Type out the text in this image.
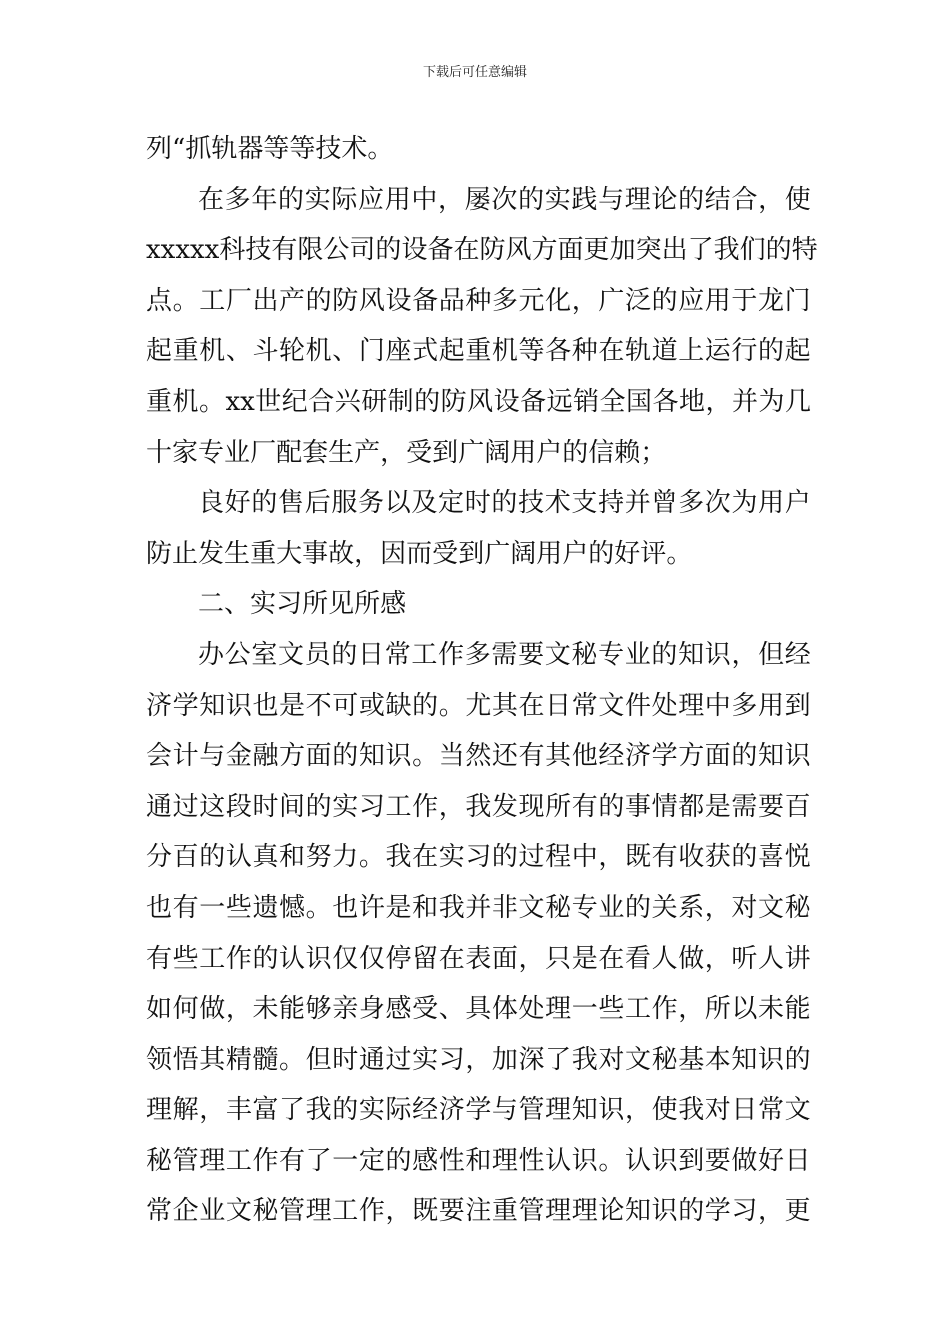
下载后可任意编辑
列 “ 抓 轨 器 等 等 技 术 。
在 多 年 的 实 际 应 用 中 ， 屡 次 的 实 践 与 理 论 的 结 合 ， 使
xxxxx 科 技 有 限 公 司 的 设 备 在 防 风 方 面 更 加 突 出 了 我 们 的 特
点 。 工 厂 出 产 的 防 风 设 备 品 种 多 元 化 ， 广 泛 的 应 用 于 龙 门
起 重 机 、 斗 轮 机 、 门 座 式 起 重 机 等 各 种 在 轨 道 上 运 行 的 起
重 机 。 xx 世 纪 合 兴 研 制 的 防 风 设 备 远 销 全 国 各 地 ， 并 为 几
十 家 专 业 厂 配 套 生 产 ， 受 到 广 阔 用 户 的 信 赖 ；
良 好 的 售 后 服 务 以 及 定 时 的 技 术 支 持 并 曾 多 次 为 用 户
防 止 发 生 重 大 事 故 ， 因 而 受 到 广 阔 用 户 的 好 评 。
二 、 实 习 所 见 所 感
办 公 室 文 员 的 日 常 工 作 多 需 要 文 秘 专 业 的 知 识 ， 但 经
济 学 知 识 也 是 不 可 或 缺 的 。 尤 其 在 日 常 文 件 处 理 中 多 用 到
会 计 与 金 融 方 面 的 知 识 。 当 然 还 有 其 他 经 济 学 方 面 的 知 识
通 过 这 段 时 间 的 实 习 工 作 ， 我 发 现 所 有 的 事 情 都 是 需 要 百
分 百 的 认 真 和 努 力 。 我 在 实 习 的 过 程 中 ， 既 有 收 获 的 喜 悦
也 有 一 些 遗 憾 。 也 许 是 和 我 并 非 文 秘 专 业 的 关 系 ， 对 文 秘
有 些 工 作 的 认 识 仅 仅 停 留 在 表 面 ， 只 是 在 看 人 做 ， 听 人 讲
如 何 做 ， 未 能 够 亲 身 感 受 、 具 体 处 理 一 些 工 作 ， 所 以 未 能
领 悟 其 精 髓 。 但 时 通 过 实 习 ， 加 深 了 我 对 文 秘 基 本 知 识 的
理 解 ， 丰 富 了 我 的 实 际 经 济 学 与 管 理 知 识 ， 使 我 对 日 常 文
秘 管 理 工 作 有 了 一 定 的 感 性 和 理 性 认 识 。 认 识 到 要 做 好 日
常 企 业 文 秘 管 理 工 作 ， 既 要 注 重 管 理 理 论 知 识 的 学 习 ， 更
